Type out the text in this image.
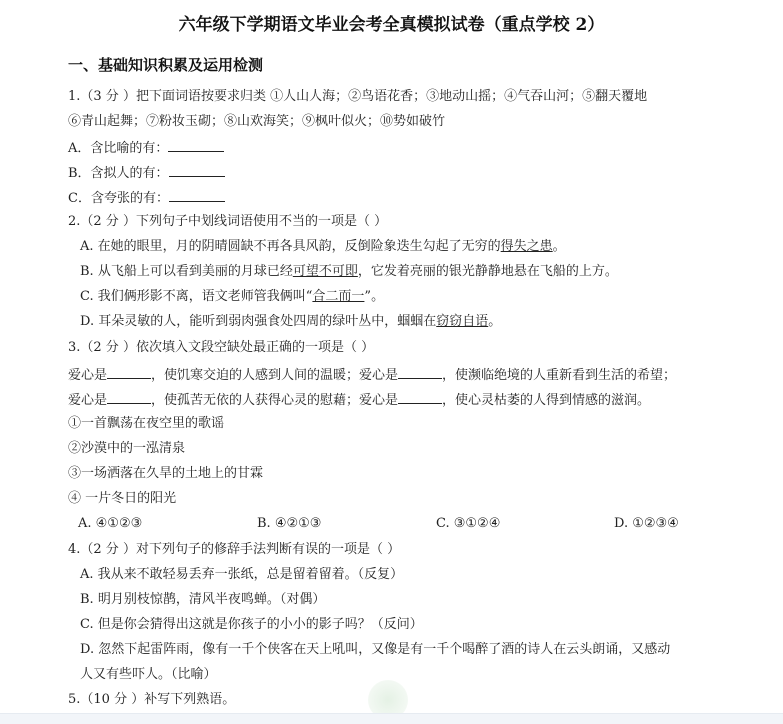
六年级下学期语文毕业会考全真模拟试卷（重点学校 2）
一、基础知识积累及运用检测
1.（3 分 ）把下面词语按要求归类 ①人山人海；②鸟语花香；③地动山摇；④气吞山河；⑤翻天覆地
⑥青山起舞；⑦粉妆玉砌；⑧山欢海笑；⑨枫叶似火；⑩势如破竹
A．含比喻的有：
B．含拟人的有：
C．含夸张的有：
2.（2 分 ）下列句子中划线词语使用不当的一项是（ ）
A. 在她的眼里，月的阴晴圆缺不再各具风韵，反倒险象迭生勾起了无穷的得失之患。
B. 从飞船上可以看到美丽的月球已经可望不可即，它发着亮丽的银光静静地悬在飞船的上方。
C. 我们俩形影不离，语文老师管我俩叫“合二而一”。
D. 耳朵灵敏的人，能听到弱肉强食处四周的绿叶丛中，蝈蝈在窃窃自语。
3.（2 分 ）依次填入文段空缺处最正确的一项是（ ）
爱心是	，使饥寒交迫的人感到人间的温暖；爱心是	，使濒临绝境的人重新看到生活的希望；
爱心是	，使孤苦无依的人获得心灵的慰藉；爱心是	，使心灵枯萎的人得到情感的滋润。
①一首飘荡在夜空里的歌谣
②沙漠中的一泓清泉
③一场洒落在久旱的土地上的甘霖
④ 一片冬日的阳光
A. ④①②③	B. ④②①③	C. ③①②④	D. ①②③④
4.（2 分 ）对下列句子的修辞手法判断有误的一项是（ ）
A. 我从来不敢轻易丢弃一张纸，总是留着留着。（反复）
B. 明月别枝惊鹊，清风半夜鸣蝉。（对偶）
C. 但是你会猜得出这就是你孩子的小小的影子吗？（反问）
D. 忽然下起雷阵雨，像有一千个侠客在天上吼叫，又像是有一千个喝醉了酒的诗人在云头朗诵，又感动
人又有些吓人。（比喻）
5.（10 分 ）补写下列熟语。
